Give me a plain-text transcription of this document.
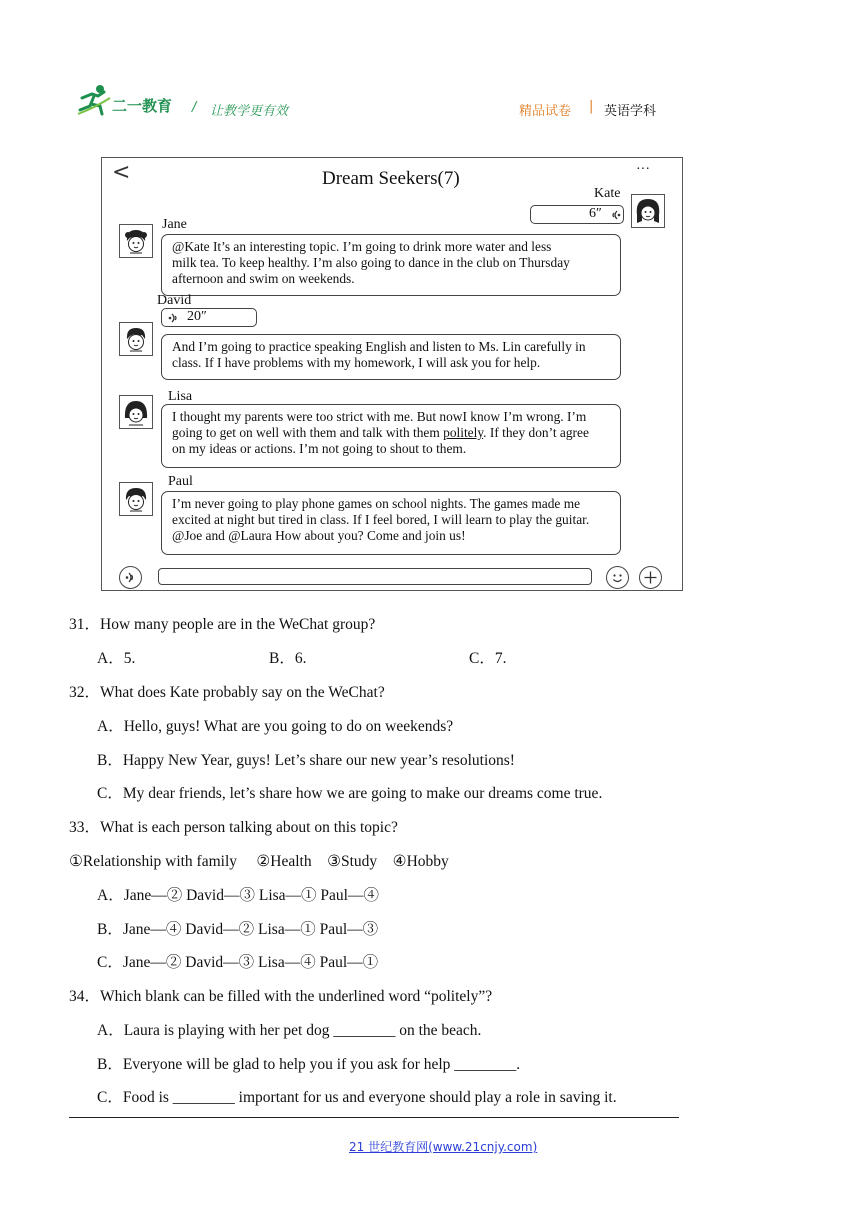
二一教育 / 让教学更有效	精品试卷 | 英语学科
<	Dream Seekers(7)	···
Kate
6″
Jane
@Kate It’s an interesting topic. I’m going to drink more water and less
milk tea. To keep healthy. I’m also going to dance in the club on Thursday
afternoon and swim on weekends.
David
20″
And I’m going to practice speaking English and listen to Ms. Lin carefully in
class. If I have problems with my homework, I will ask you for help.
Lisa
I thought my parents were too strict with me. But nowI know I’m wrong. I’m
going to get on well with them and talk with them politely. If they don’t agree
on my ideas or actions. I’m not going to shout to them.
Paul
I’m never going to play phone games on school nights. The games made me
excited at night but tired in class. If I feel bored, I will learn to play the guitar.
@Joe and @Laura How about you? Come and join us!
31．How many people are in the WeChat group?
A．5.	B．6.	C．7.
32．What does Kate probably say on the WeChat?
A．Hello, guys! What are you going to do on weekends?
B．Happy New Year, guys! Let’s share our new year’s resolutions!
C．My dear friends, let’s share how we are going to make our dreams come true.
33．What is each person talking about on this topic?
①Relationship with family　 ②Health　③Study　④Hobby
A．Jane—② David—③ Lisa—① Paul—④
B．Jane—④ David—② Lisa—① Paul—③
C．Jane—② David—③ Lisa—④ Paul—①
34．Which blank can be filled with the underlined word “politely”?
A．Laura is playing with her pet dog ________ on the beach.
B．Everyone will be glad to help you if you ask for help ________.
C．Food is ________ important for us and everyone should play a role in saving it.
21 世纪教育网(www.21cnjy.com)
